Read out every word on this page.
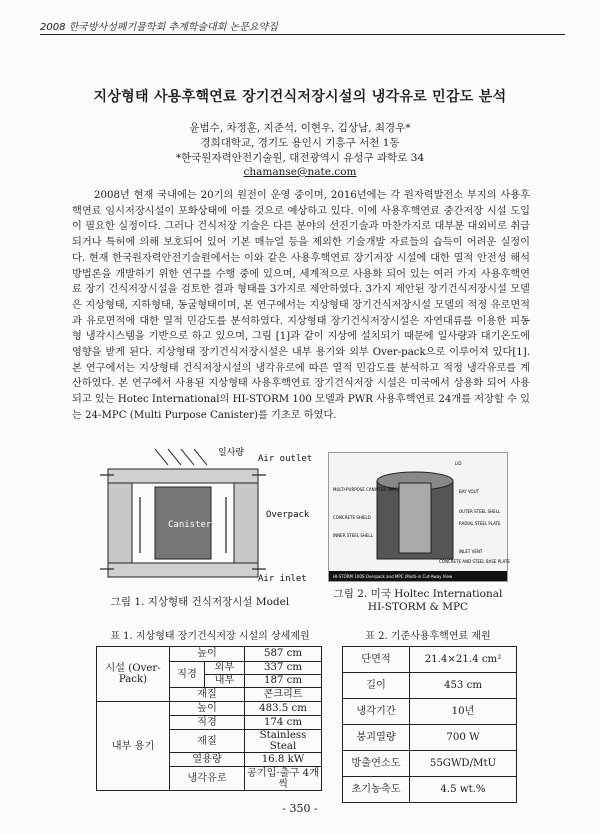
2008 한국방사성폐기물학회 추계학술대회 논문요약집
지상형태 사용후핵연료 장기건식저장시설의 냉각유로 민감도 분석
윤범수, 차정훈, 지준석, 이현우, 김상남, 최경우*
경희대학교, 경기도 용인시 기흥구 서천 1동
*한국원자력안전기술원, 대전광역시 유성구 과학로 34
chamanse@nate.com
2008년 현재 국내에는 20기의 원전이 운영 중이며, 2016년에는 각 원자력발전소 부지의 사용후핵연료 임시저장시설이 포화상태에 이를 것으로 예상하고 있다. 이에 사용후핵연료 중간저장 시설 도입이 필요한 실정이다. 그러나 건식저장 기술은 다른 분야의 선진기술과 마찬가지로 대부분 대외비로 취급되거나 특허에 의해 보호되어 있어 기본 매뉴얼 등을 제외한 기술개발 자료들의 습득이 어려운 실정이다. 현재 한국원자력안전기술원에서는 이와 같은 사용후핵연료 장기저장 시설에 대한 열적 안전성 해석 방법론을 개발하기 위한 연구를 수행 중에 있으며, 세계적으로 사용화 되어 있는 여러 가지 사용후핵연료 장기 건식저장시설을 검토한 결과 형태를 3가지로 제안하였다. 3가지 제안된 장기건식저장시설 모델은 지상형태, 지하형태, 동굴형태이며, 본 연구에서는 지상형태 장기건식저장시설 모델의 적정 유로면적과 유로면적에 대한 열적 민감도를 분석하였다. 지상형태 장기건식저장시설은 자연대류를 이용한 피동형 냉각시스템을 기반으로 하고 있으며, 그림 [1]과 같이 지상에 설치되기 때문에 일사량과 대기온도에 영향을 받게 된다. 지상형태 장기건식저장시설은 내부 용기와 외부 Over-pack으로 이루어져 있다[1]. 본 연구에서는 지상형태 건식저장시설의 냉각유로에 따른 열적 민감도를 분석하고 적정 냉각유로를 계산하였다. 본 연구에서 사용된 지상형태 사용후핵연료 장기건식저장 시설은 미국에서 상용화 되어 사용되고 있는 Hotec International의 HI-STORM 100 모델과 PWR 사용후핵연료 24개를 저장할 수 있는 24-MPC (Multi Purpose Canister)를 기초로 하였다.
Canister
Overpack
Air outlet
Air inlet
일사량
그림 1. 지상형태 건식저장시설 Model
LID
MULTI-PURPOSE CANISTER (MPC)
CONCRETE SHIELD
INNER STEEL SHELL
BAY VOUT
OUTER STEEL SHELL
RADIAL STEEL PLATE
INLET VENT
CONCRETE AND STEEL BASE PLATE
HI-STORM 100S Overpack and MPC (Multi-in Cut-Away View
그림 2. 미국 Holtec International
HI-STORM & MPC
표 1. 지상형태 장기건식저장 시설의 상세제원
시설 (Over-Pack)	높이		587 cm
	직경	외부	337 cm
		내부	187 cm
	재질		콘크리트
내부 용기	높이		483.5 cm
	직경		174 cm
	재질		Stainless Steal
	열용량		16.8 kW
	냉각유로		공기입·출구 4개씩
표 2. 기준사용후핵연료 제원
단면적	21.4×21.4 cm²
길이	453 cm
냉각기간	10년
붕괴열량	700 W
방출연소도	55GWD/MtU
초기농축도	4.5 wt.%
- 350 -
